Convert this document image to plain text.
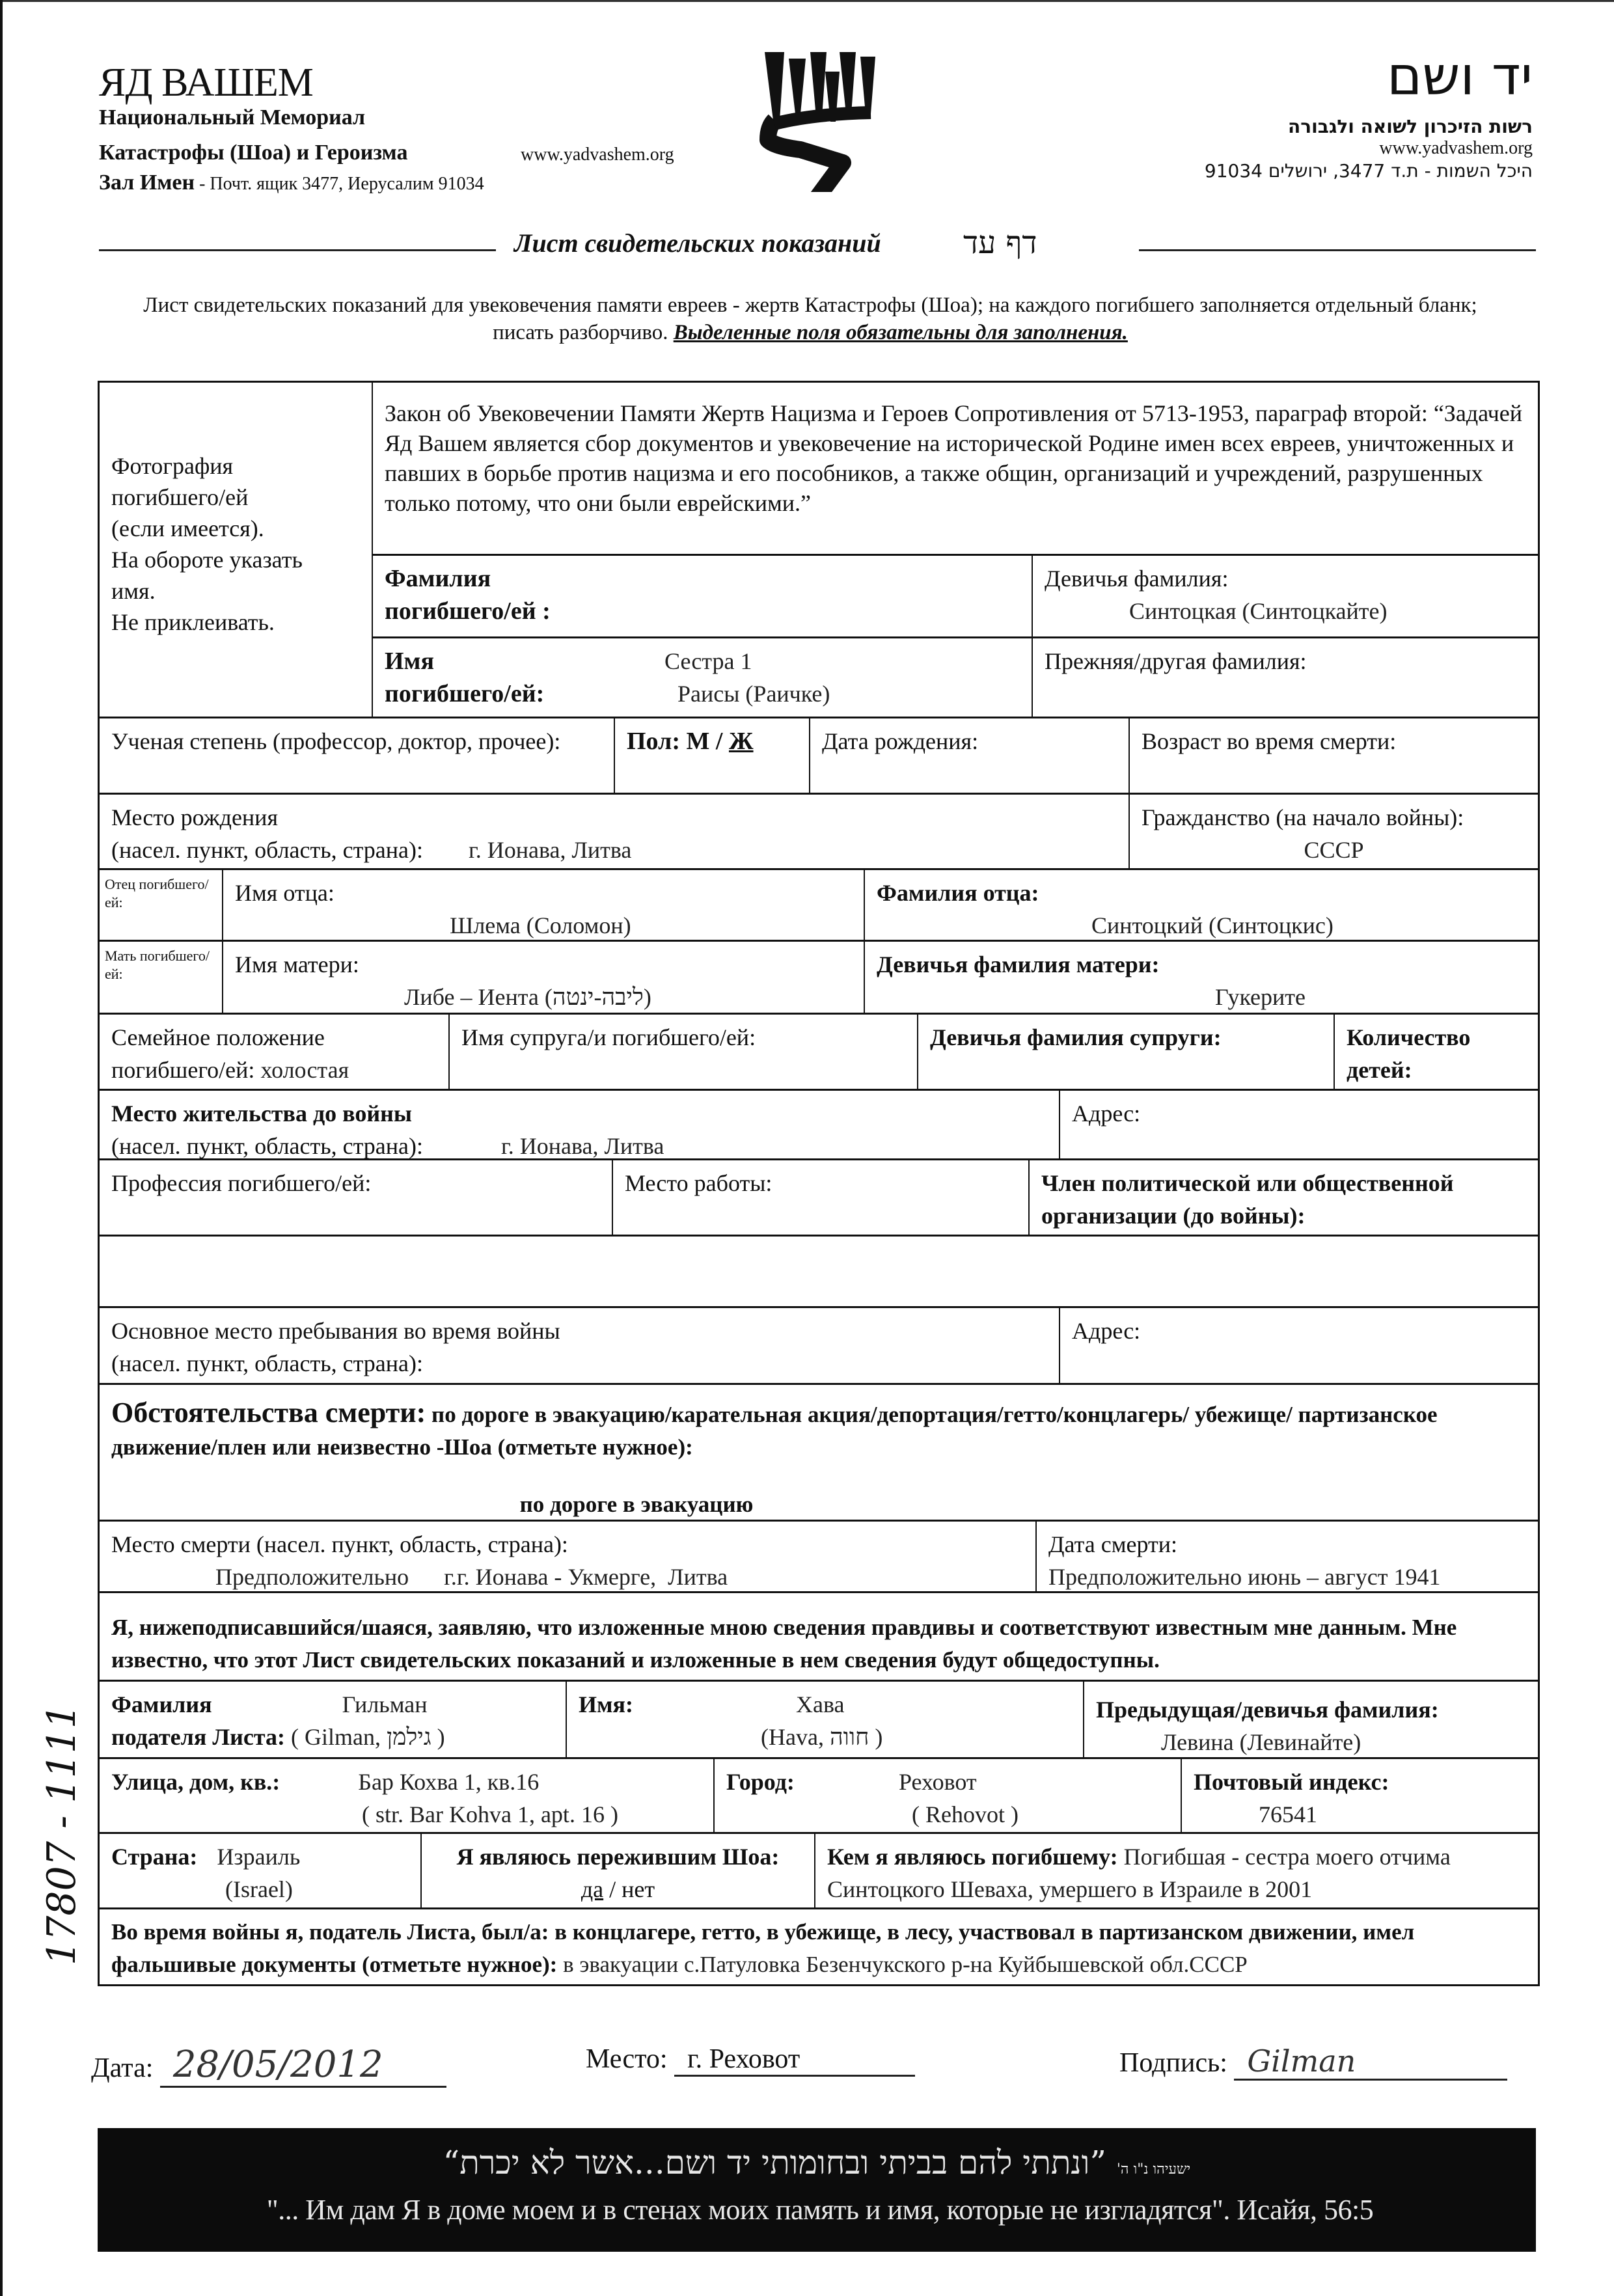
ЯД ВАШЕМ
Национальный Мемориал
Катастрофы (Шоа) и Героизма	www.yadvashem.org
Зал Имен - Почт. ящик 3477, Иерусалим 91034
יד ושם
רשות הזיכרון לשואה ולגבורה
www.yadvashem.org
היכל השמות - ת.ד 3477, ירושלים 91034
Лист свидетельских показаний	דף עד
Лист свидетельских показаний для увековечения памяти евреев - жертв Катастрофы (Шоа); на каждого погибшего заполняется отдельный бланк; писать разборчиво. Выделенные поля обязательны для заполнения.
Фотография
погибшего/ей
(если имеется).
На обороте указать
имя.
Не приклеивать.
Закон об Увековечении Памяти Жертв Нацизма и Героев Сопротивления от 5713-1953, параграф второй: “Задачей Яд Вашем является сбор документов и увековечение на исторической Родине имен всех евреев, уничтоженных и павших в борьбе против нацизма и его пособников, а также общин, организаций и учреждений, разрушенных только потому, что они были еврейскими.”
Фамилия
погибшего/ей :
Девичья фамилия:
Синтоцкая (Синтоцкайте)
Имя
погибшего/ей:
Сестра 1
Раисы (Раичке)
Прежняя/другая фамилия:
Ученая степень (профессор, доктор, прочее):	Пол: М / Ж	Дата рождения:	Возраст во время смерти:
Место рождения
(насел. пункт, область, страна): г. Ионава, Литва
Гражданство (на начало войны):
СССР
Отец погибшего/ ей:	Имя отца:
Шлема (Соломон)
Фамилия отца:
Синтоцкий (Синтоцкис)
Мать погибшего/ ей:	Имя матери:
Либе – Иента (ליבה-ינטה)
Девичья фамилия матери:
Гукерите
Семейное положение
погибшего/ей: холостая
Имя супруга/и погибшего/ей:	Девичья фамилия супруги:	Количество детей:
Место жительства до войны
(насел. пункт, область, страна):	г. Ионава, Литва
Адрес:
Профессия погибшего/ей:	Место работы:	Член политической или общественной организации (до войны):
Основное место пребывания во время войны (насел. пункт, область, страна):
Адрес:
Обстоятельства смерти: по дороге в эвакуацию/карательная акция/депортация/гетто/концлагерь/ убежище/ партизанское движение/плен или неизвестно -Шоа (отметьте нужное):
по дороге в эвакуацию
Место смерти (насел. пункт, область, страна):
Предположительно      г.г. Ионава - Укмерге,  Литва
Дата смерти:
Предположительно июнь – август 1941
Я, нижеподписавшийся/шаяся, заявляю, что изложенные мною сведения правдивы и соответствуют известным мне данным. Мне известно, что этот Лист свидетельских показаний и изложенные в нем сведения будут общедоступны.
Фамилия	Гильман
подателя Листа: ( Gilman, גילמן )
Имя:	Хава
(Hava, חווה )
Предыдущая/девичья фамилия:
Левина (Левинайте)
Улица, дом, кв.:	Бар Кохва 1, кв.16
( str. Bar Kohva 1, apt. 16 )
Город:	Реховот
( Rehovot )
Почтовый индекс:
76541
Страна: Израиль
(Israel)
Я являюсь пережившим Шоа:
да / нет
Кем я являюсь погибшему: Погибшая - сестра моего отчима Синтоцкого Шеваха, умершего в Израиле в 2001
Во время войны я, податель Листа, был/а: в концлагере, гетто, в убежище, в лесу, участвовал в партизанском движении, имел фальшивые документы (отметьте нужное): в эвакуации с.Патуловка Безенчукского р-на Куйбышевской обл.СССР
Дата: 28/05/2012	Место: г. Реховот	Подпись: Gilman
ישעיהו נ"ו ה' ”ונתתי להם בביתי ובחומותי יד ושם...אשר לא יכרת“
"... Им дам Я в доме моем и в стенах моих память и имя, которые не изгладятся". Исайя, 56:5
17807 - 1111
